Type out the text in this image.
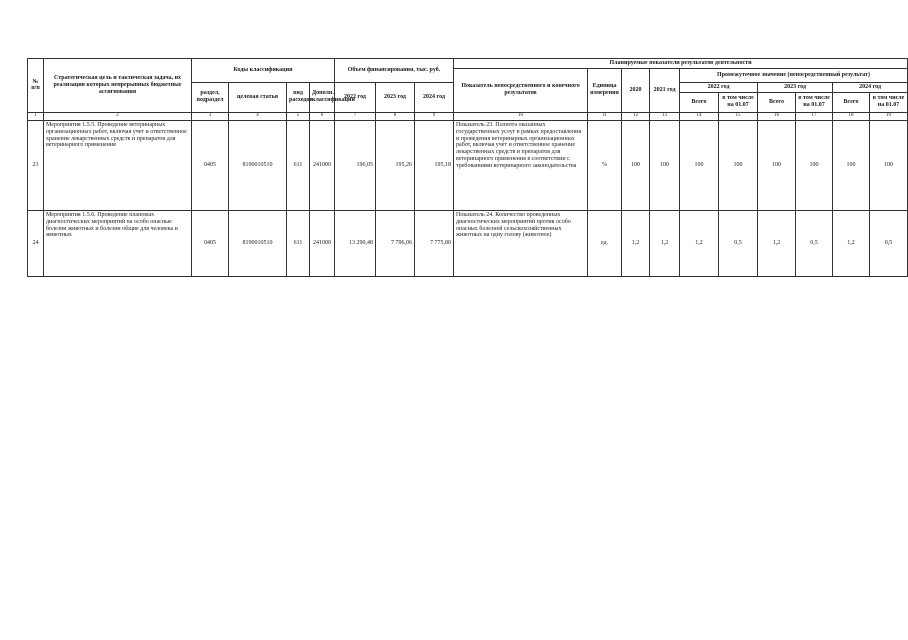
№ п/п	Стратегическая цель и тактическая задача, их реализация которых непрерывных бюджетные ассигнования	Коды классификации				Объем финансирования, тыс. руб.			Планируемые показатели результатов деятельности									
									Показатель непосредственного и конечного результатов	Единица измерения	2020	2021 год	Промежуточное значение (непосредственный результат)					
		раздел, подраздел	целевая статья	вид расходов	Дополн. классификации	2022 год	2023 год	2024 год					2022 год		2023 год		2024 год	
													Всего	в том числе на 01.07	Всего	в том числе на 01.07	Всего	в том числе на 01.07
1	2	3	4	5	6	7	8	9	10	11	12	13	14	15	16	17	18	19
23	Мероприятия 1.5.5. Проведение ветеринарных организационных работ, включая учет и ответственное хранение лекарственных средств и препаратов для ветеринарного применения	0405	8190010510	611	241000	196,05	195,26	195,18	Показатель 23. Полнота оказанных государственных услуг в рамках предоставления и проведения ветеринарных организационных работ, включая учет и ответственное хранение лекарственных средств и препаратов для ветеринарного применения в соответствии с требованиями ветеринарного законодательства	%	100	100	100	100	100	100	100	100
24	Мероприятия 1.5.6. Проведение плановых диагностических мероприятий на особо опасные болезни животных и болезни общие для человека и животных	0405	8190010510	611	241000	13 290,48	7 796,06	7 775,80	Показатель 24. Количество проведенных диагностических мероприятий против особо опасных болезней сельскохозяйственных животных на одну голову (животное)	ед.	1,2	1,2	1,2	0,5	1,2	0,5	1,2	0,5
